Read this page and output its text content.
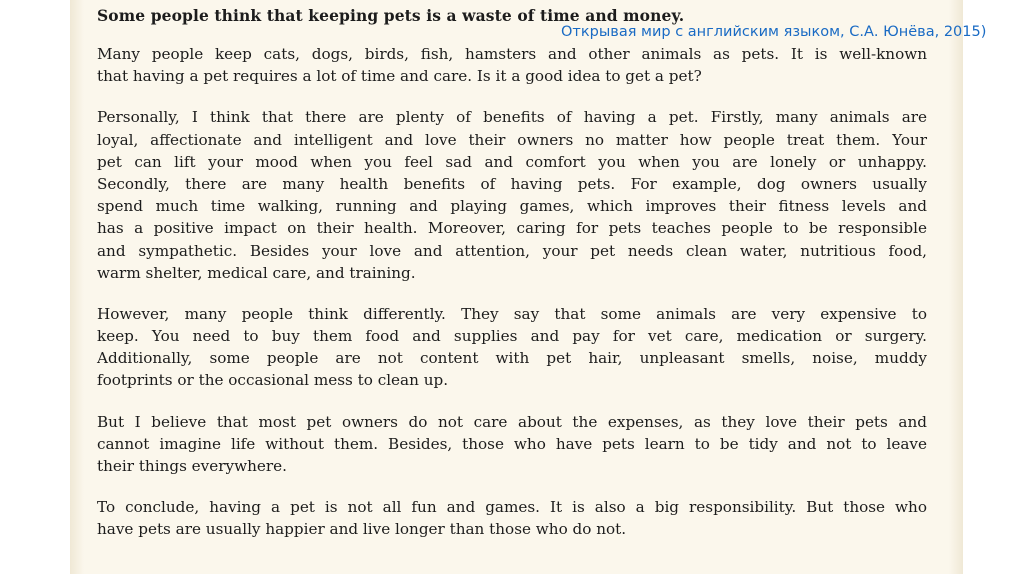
Some people think that keeping pets is a waste of time and money.
Many people keep cats, dogs, birds, fish, hamsters and other animals as pets. It is well-known
that having a pet requires a lot of time and care. Is it a good idea to get a pet?
Personally, I think that there are plenty of benefits of having a pet. Firstly, many animals are
loyal, affectionate and intelligent and love their owners no matter how people treat them. Your
pet can lift your mood when you feel sad and comfort you when you are lonely or unhappy.
Secondly, there are many health benefits of having pets. For example, dog owners usually
spend much time walking, running and playing games, which improves their fitness levels and
has a positive impact on their health. Moreover, caring for pets teaches people to be responsible
and sympathetic. Besides your love and attention, your pet needs clean water, nutritious food,
warm shelter, medical care, and training.
However, many people think differently. They say that some animals are very expensive to
keep. You need to buy them food and supplies and pay for vet care, medication or surgery.
Additionally, some people are not content with pet hair, unpleasant smells, noise, muddy
footprints or the occasional mess to clean up.
But I believe that most pet owners do not care about the expenses, as they love their pets and
cannot imagine life without them. Besides, those who have pets learn to be tidy and not to leave
their things everywhere.
To conclude, having a pet is not all fun and games. It is also a big responsibility. But those who
have pets are usually happier and live longer than those who do not.
Открывая мир с английским языком, С.А. Юнёва, 2015)
